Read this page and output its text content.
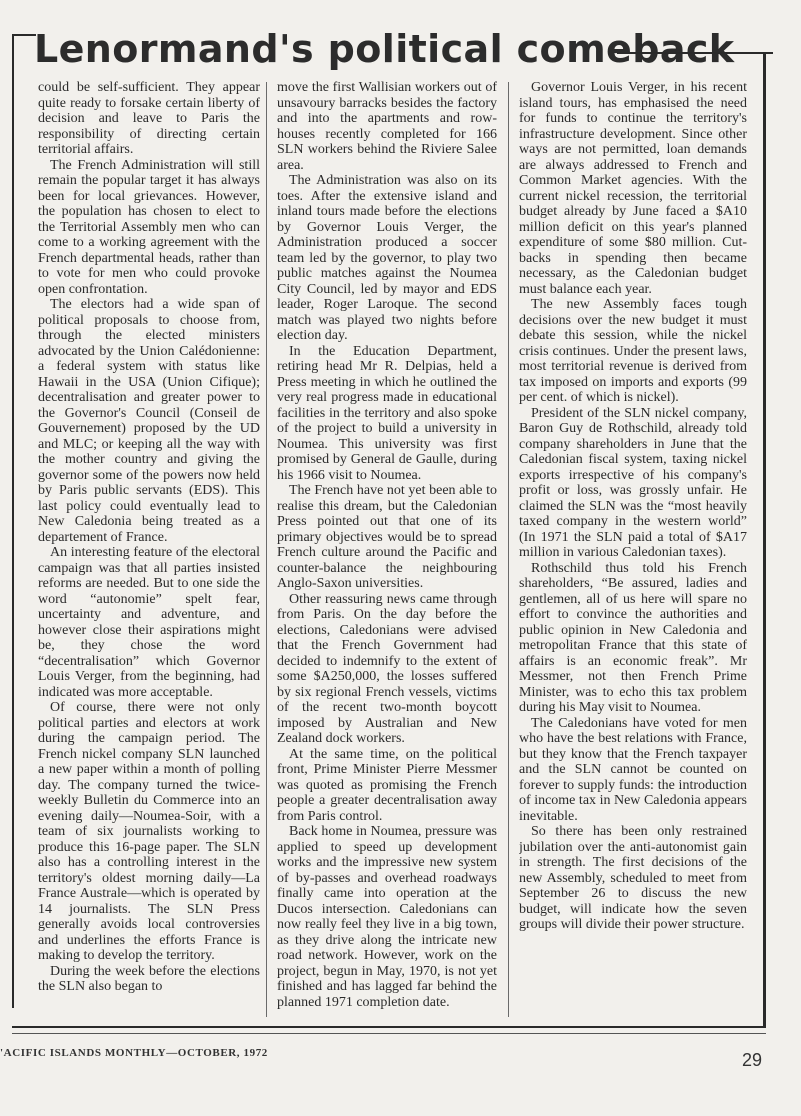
Lenormand's political comeback

could be self-sufficient. They appear quite ready to forsake certain liberty of decision and leave to Paris the responsibility of directing certain territorial affairs.

The French Administration will still remain the popular target it has always been for local grievances. However, the population has chosen to elect to the Territorial Assembly men who can come to a working agreement with the French departmental heads, rather than to vote for men who could provoke open confrontation.

The electors had a wide span of political proposals to choose from, through the elected ministers advocated by the Union Calédonienne: a federal system with status like Hawaii in the USA (Union Cifique); decentralisation and greater power to the Governor's Council (Conseil de Gouvernement) proposed by the UD and MLC; or keeping all the way with the mother country and giving the governor some of the powers now held by Paris public servants (EDS). This last policy could eventually lead to New Caledonia being treated as a departement of France.

An interesting feature of the electoral campaign was that all parties insisted reforms are needed. But to one side the word “autonomie” spelt fear, uncertainty and adventure, and however close their aspirations might be, they chose the word “decentralisation” which Governor Louis Verger, from the beginning, had indicated was more acceptable.

Of course, there were not only political parties and electors at work during the campaign period. The French nickel company SLN launched a new paper within a month of polling day. The company turned the twice-weekly Bulletin du Commerce into an evening daily—Noumea-Soir, with a team of six journalists working to produce this 16-page paper. The SLN also has a controlling interest in the territory's oldest morning daily—La France Australe—which is operated by 14 journalists. The SLN Press generally avoids local controversies and underlines the efforts France is making to develop the territory.

During the week before the elections the SLN also began to

move the first Wallisian workers out of unsavoury barracks besides the factory and into the apartments and row-houses recently completed for 166 SLN workers behind the Riviere Salee area.

The Administration was also on its toes. After the extensive island and inland tours made before the elections by Governor Louis Verger, the Administration produced a soccer team led by the governor, to play two public matches against the Noumea City Council, led by mayor and EDS leader, Roger Laroque. The second match was played two nights before election day.

In the Education Department, retiring head Mr R. Delpias, held a Press meeting in which he outlined the very real progress made in educational facilities in the territory and also spoke of the project to build a university in Noumea. This university was first promised by General de Gaulle, during his 1966 visit to Noumea.

The French have not yet been able to realise this dream, but the Caledonian Press pointed out that one of its primary objectives would be to spread French culture around the Pacific and counter-balance the neighbouring Anglo-Saxon universities.

Other reassuring news came through from Paris. On the day before the elections, Caledonians were advised that the French Government had decided to indemnify to the extent of some $A250,000, the losses suffered by six regional French vessels, victims of the recent two-month boycott imposed by Australian and New Zealand dock workers.

At the same time, on the political front, Prime Minister Pierre Messmer was quoted as promising the French people a greater decentralisation away from Paris control.

Back home in Noumea, pressure was applied to speed up development works and the impressive new system of by-passes and overhead roadways finally came into operation at the Ducos intersection. Caledonians can now really feel they live in a big town, as they drive along the intricate new road network. However, work on the project, begun in May, 1970, is not yet finished and has lagged far behind the planned 1971 completion date.

Governor Louis Verger, in his recent island tours, has emphasised the need for funds to continue the territory's infrastructure development. Since other ways are not permitted, loan demands are always addressed to French and Common Market agencies. With the current nickel recession, the territorial budget already by June faced a $A10 million deficit on this year's planned expenditure of some $80 million. Cut-backs in spending then became necessary, as the Caledonian budget must balance each year.

The new Assembly faces tough decisions over the new budget it must debate this session, while the nickel crisis continues. Under the present laws, most territorial revenue is derived from tax imposed on imports and exports (99 per cent. of which is nickel).

President of the SLN nickel company, Baron Guy de Rothschild, already told company shareholders in June that the Caledonian fiscal system, taxing nickel exports irrespective of his company's profit or loss, was grossly unfair. He claimed the SLN was the “most heavily taxed company in the western world” (In 1971 the SLN paid a total of $A17 million in various Caledonian taxes).

Rothschild thus told his French shareholders, “Be assured, ladies and gentlemen, all of us here will spare no effort to convince the authorities and public opinion in New Caledonia and metropolitan France that this state of affairs is an economic freak”. Mr Messmer, not then French Prime Minister, was to echo this tax problem during his May visit to Noumea.

The Caledonians have voted for men who have the best relations with France, but they know that the French taxpayer and the SLN cannot be counted on forever to supply funds: the introduction of income tax in New Caledonia appears inevitable.

So there has been only restrained jubilation over the anti-autonomist gain in strength. The first decisions of the new Assembly, scheduled to meet from September 26 to discuss the new budget, will indicate how the seven groups will divide their power structure.

'ACIFIC ISLANDS MONTHLY—OCTOBER, 1972	29
